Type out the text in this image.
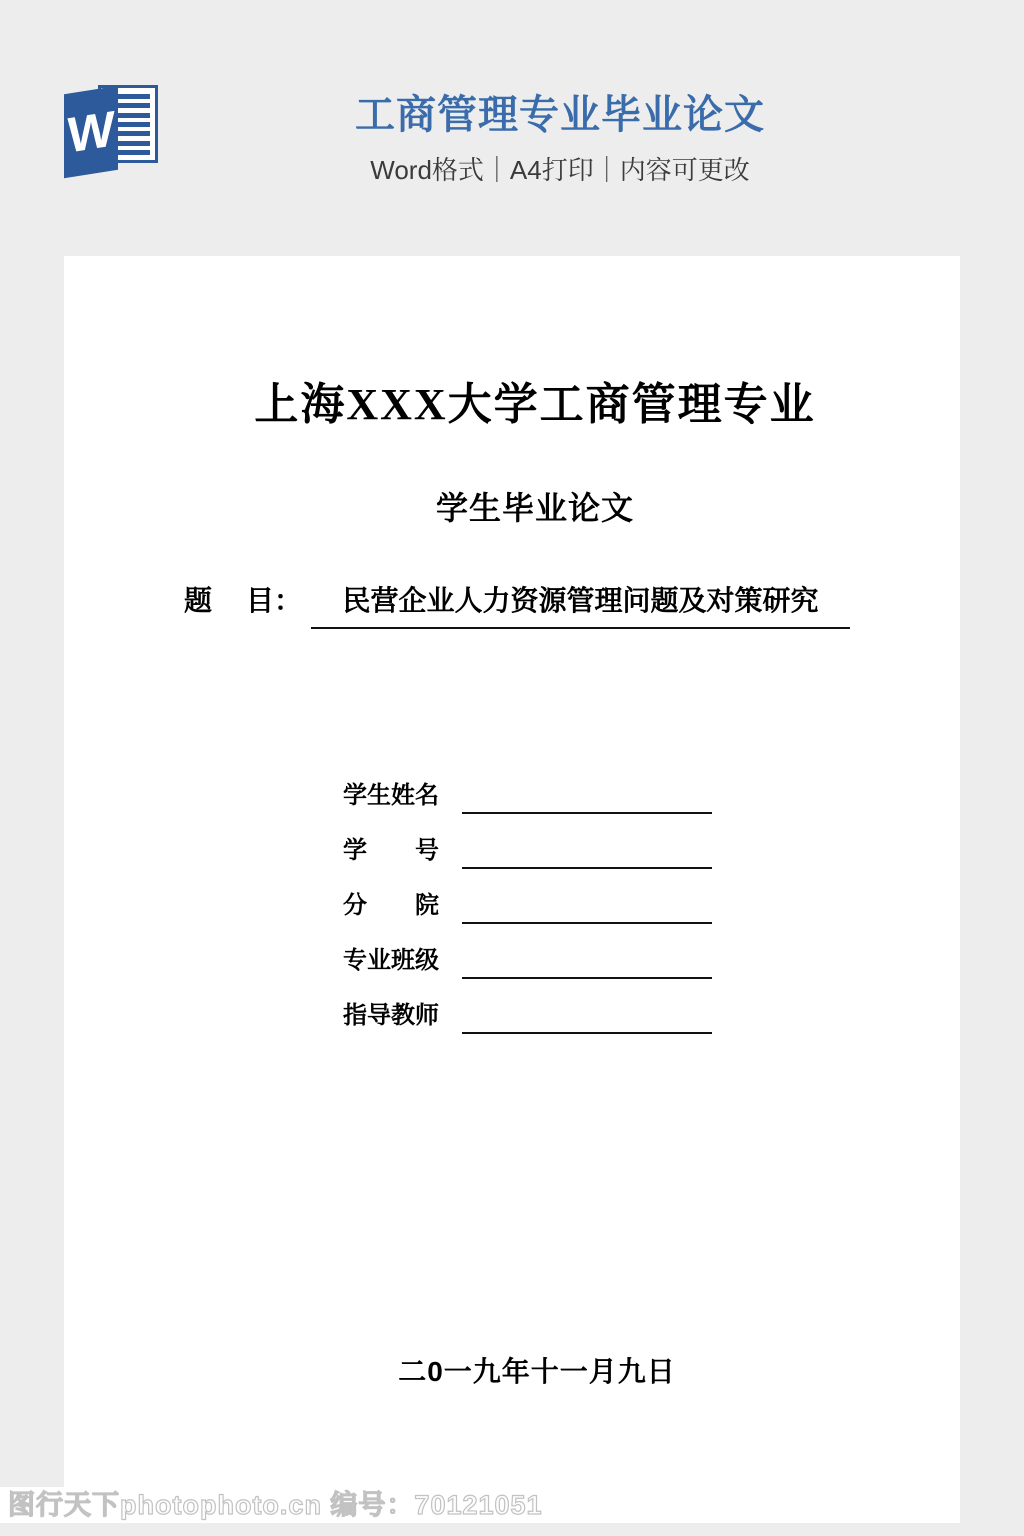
W	工商管理专业毕业论文
Word格式｜A4打印｜内容可更改
上海XXX大学工商管理专业
学生毕业论文
题 目：	民营企业人力资源管理问题及对策研究
学生姓名
学　　号
分　　院
专业班级
指导教师
二0一九年十一月九日
图行天下photophoto.cn 编号：70121051
